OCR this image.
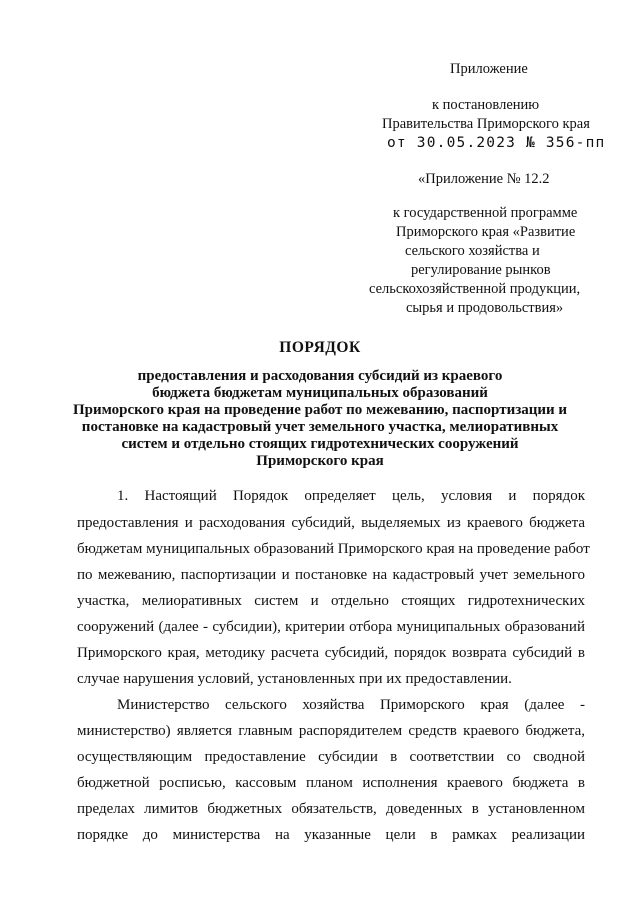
Приложение
к постановлению
Правительства Приморского края
от 30.05.2023 № 356-пп
«Приложение № 12.2
к государственной программе
Приморского края «Развитие
сельского хозяйства и
регулирование рынков
сельскохозяйственной продукции,
сырья и продовольствия»
ПОРЯДОК
предоставления и расходования субсидий из краевого
бюджета бюджетам муниципальных образований
Приморского края на проведение работ по межеванию, паспортизации и
постановке на кадастровый учет земельного участка, мелиоративных
систем и отдельно стоящих гидротехнических сооружений
Приморского края
1. Настоящий Порядок определяет цель, условия и порядок
предоставления и расходования субсидий, выделяемых из краевого бюджета
бюджетам муниципальных образований Приморского края на проведение работ
по межеванию, паспортизации и постановке на кадастровый учет земельного
участка, мелиоративных систем и отдельно стоящих гидротехнических
сооружений (далее - субсидии), критерии отбора муниципальных образований
Приморского края, методику расчета субсидий, порядок возврата субсидий в
случае нарушения условий, установленных при их предоставлении.
Министерство сельского хозяйства Приморского края (далее -
министерство) является главным распорядителем средств краевого бюджета,
осуществляющим предоставление субсидии в соответствии со сводной
бюджетной росписью, кассовым планом исполнения краевого бюджета в
пределах лимитов бюджетных обязательств, доведенных в установленном
порядке до министерства на указанные цели в рамках реализации
